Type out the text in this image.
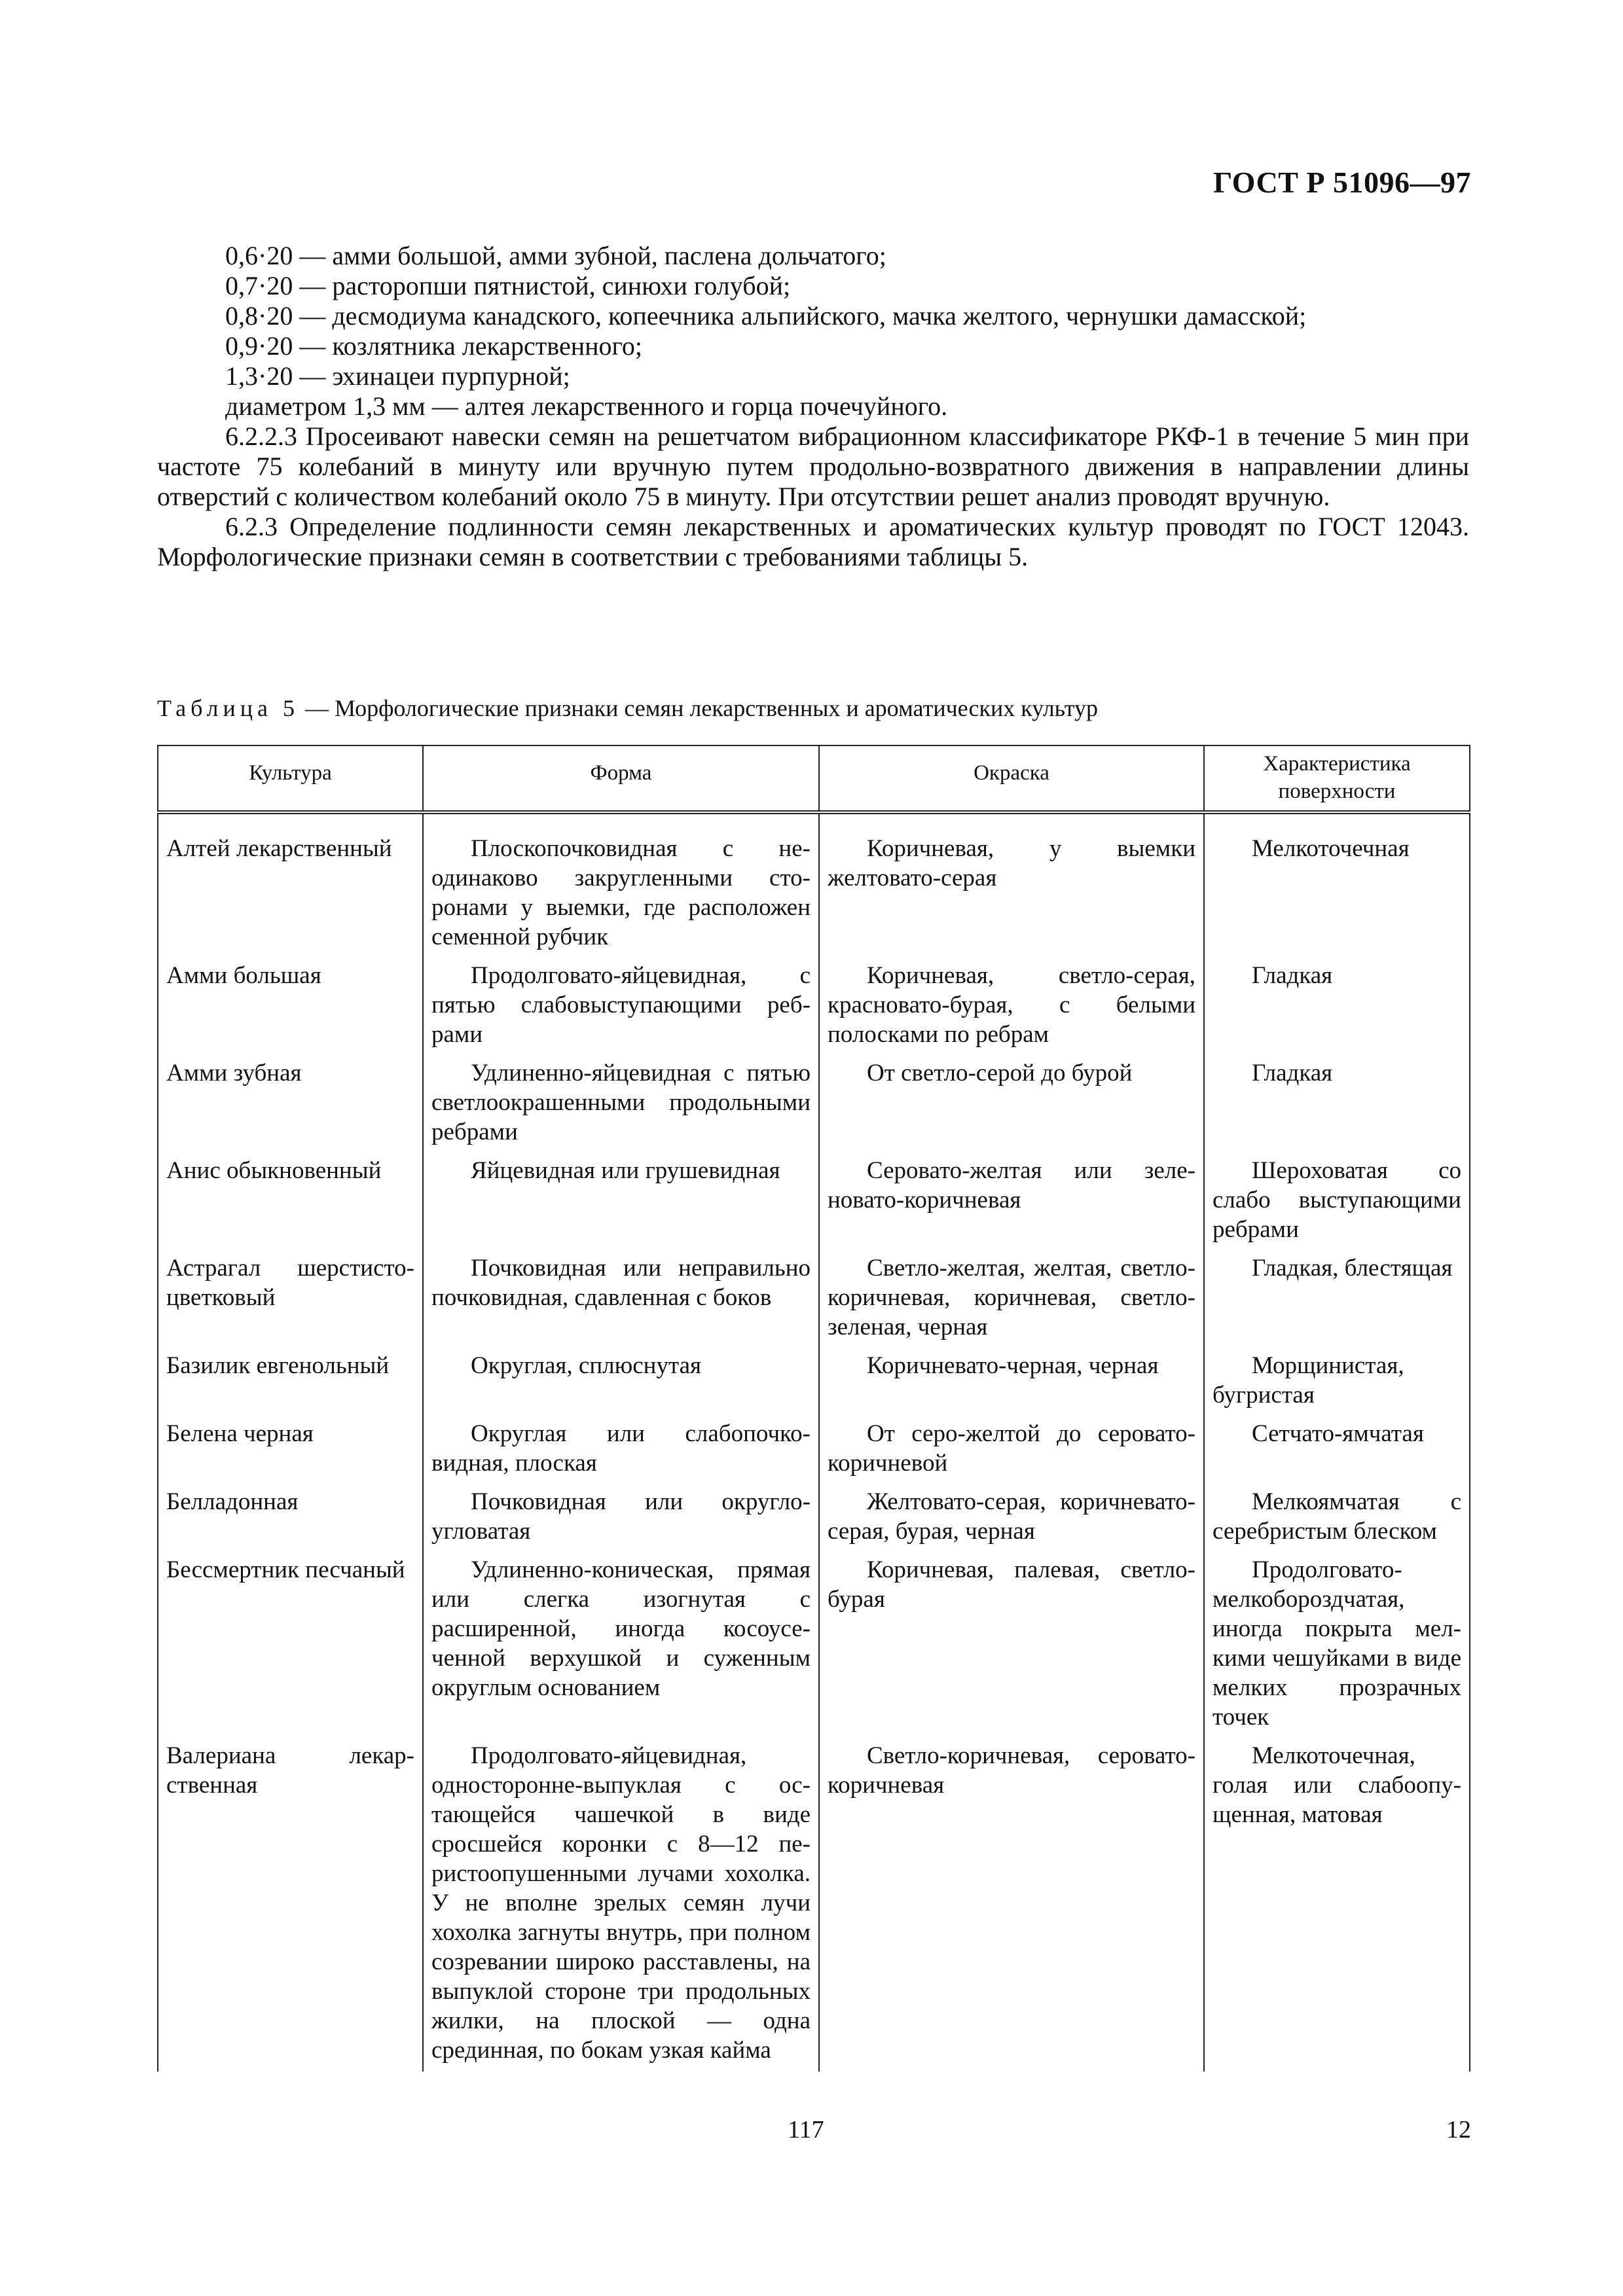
ГОСТ Р 51096—97

0,6·20 — амми большой, амми зубной, паслена дольчатого;

0,7·20 — расторопши пятнистой, синюхи голубой;

0,8·20 — десмодиума канадского, копеечника альпийского, мачка желтого, чернушки дамасской;

0,9·20 — козлятника лекарственного;

1,3·20 — эхинацеи пурпурной;

диаметром 1,3 мм — алтея лекарственного и горца почечуйного.

6.2.2.3 Просеивают навески семян на решетчатом вибрационном классификаторе РКФ-1 в течение 5 мин при частоте 75 колебаний в минуту или вручную путем продольно-возвратного движения в направлении длины отверстий с количеством колебаний около 75 в минуту. При отсутствии решет анализ проводят вручную.

6.2.3 Определение подлинности семян лекарственных и ароматических культур проводят по ГОСТ 12043. Морфологические признаки семян в соответствии с требованиями таблицы 5.

Таблица 5 — Морфологические признаки семян лекарственных и ароматических культур
Культура	Форма	Окраска	Характеристика поверхности
Алтей лекарственный	Плоскопочковидная с неодинаково закругленными сторонами у выемки, где расположен семенной рубчик	Коричневая, у выемки желтовато-серая	Мелкоточечная

Амми большая	Продолговато-яйцевидная, с пятью слабовыступающими ребрами	Коричневая, светло-серая, красновато-бурая, с белыми полосками по ребрам	Гладкая

Амми зубная	Удлиненно-яйцевидная с пятью светлоокрашенными продольными ребрами	От светло-серой до бурой	Гладкая

Анис обыкновенный	Яйцевидная или грушевидная	Серовато-желтая или зеленовато-коричневая	Шероховатая со слабо выступающими ребрами

Астрагал шерстисто-цветковый	Почковидная или неправильно почковидная, сдавленная с боков	Светло-желтая, желтая, светло-коричневая, коричневая, светло-зеленая, черная	Гладкая, блестящая

Базилик евгенольный	Округлая, сплюснутая	Коричневато-черная, черная	Морщинистая, бугристая

Белена черная	Округлая или слабопочковидная, плоская	От серо-желтой до серовато-коричневой	Сетчато-ямчатая

Белладонная	Почковидная или округлоугловатая	Желтовато-серая, коричневато-серая, бурая, черная	Мелкоямчатая с серебристым блеском

Бессмертник песчаный	Удлиненно-коническая, прямая или слегка изогнутая с расширенной, иногда косоусеченной верхушкой и суженным округлым основанием	Коричневая, палевая, светло-бурая	Продолговато-мелкобороздчатая, иногда покрыта мелкими чешуйками в виде мелких прозрачных точек

Валериана лекарственная	Продолговато-яйцевидная, односторонне-выпуклая с остающейся чашечкой в виде сросшейся коронки с 8—12 перистоопушенными лучами хохолка. У не вполне зрелых семян лучи хохолка загнуты внутрь, при полном созревании широко расставлены, на выпуклой стороне три продольных жилки, на плоской — одна срединная, по бокам узкая кайма	Светло-коричневая, серовато-коричневая	Мелкоточечная, голая или слабоопущенная, матовая

117	12
